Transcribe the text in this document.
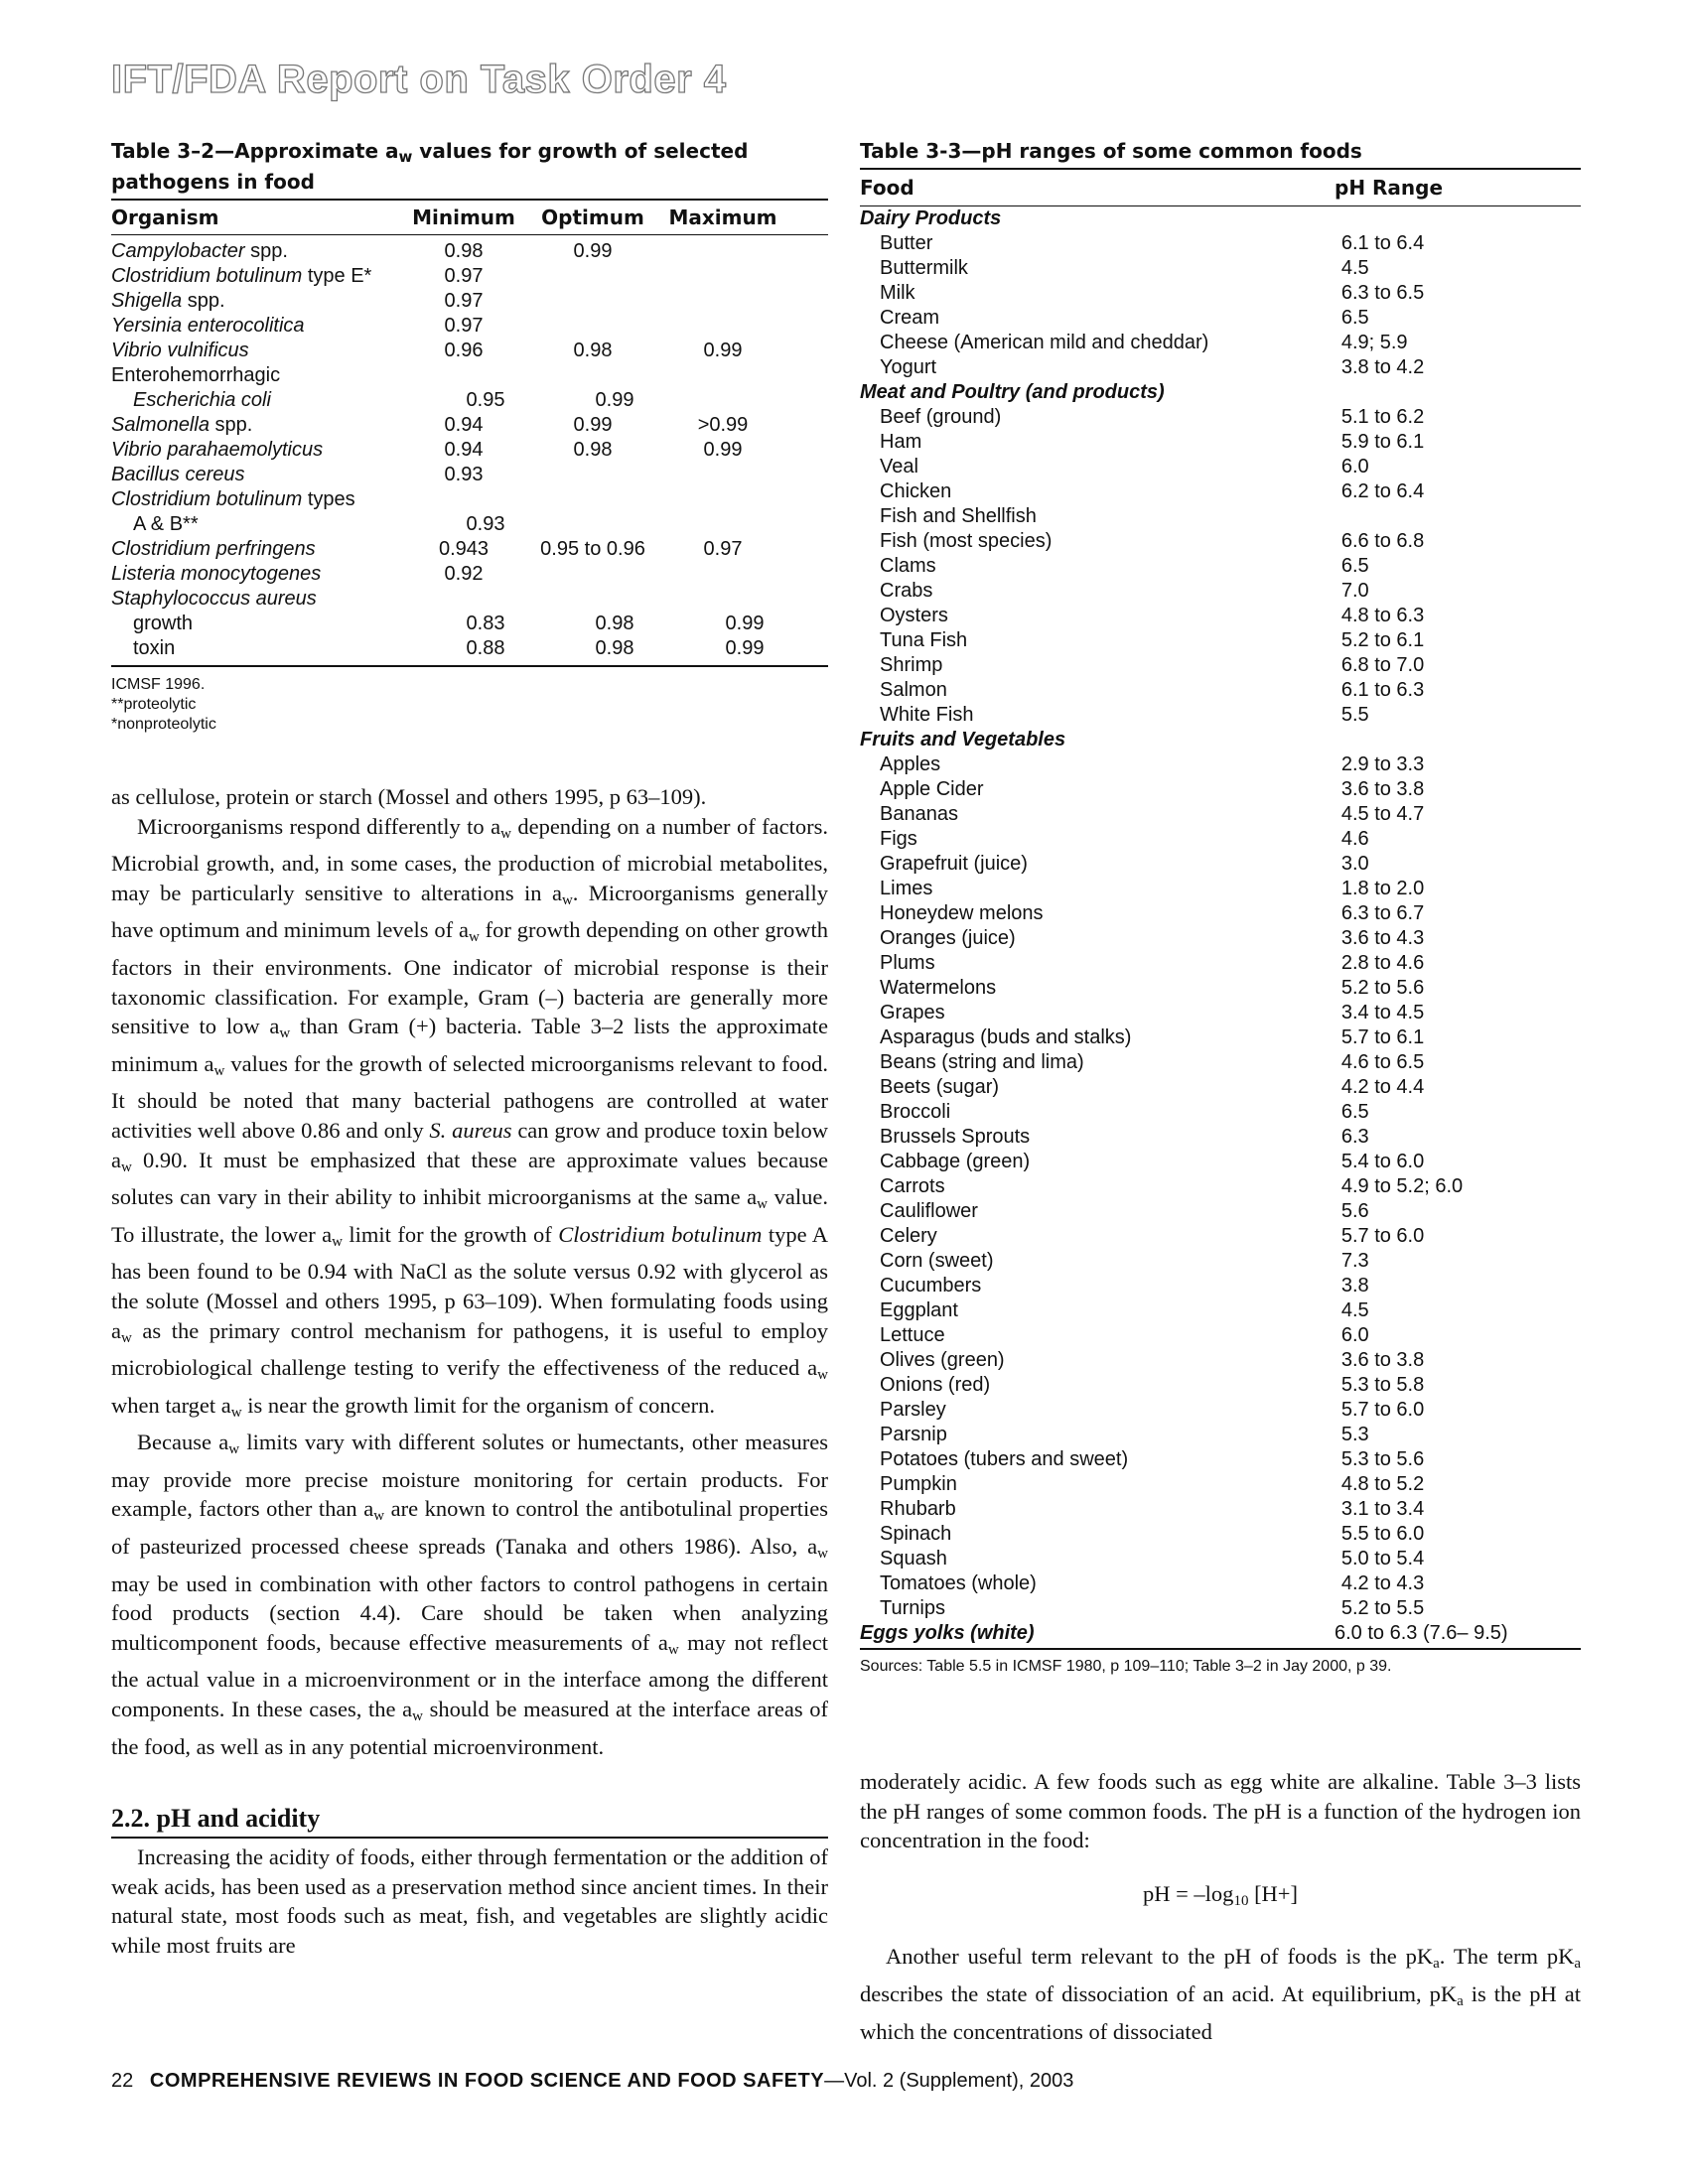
IFT/FDA Report on Task Order 4
Table 3–2—Approximate $a_w$ values for growth of selected pathogens in food
Organism	Minimum	Optimum	Maximum
Campylobacter spp.	0.98	0.99
Clostridium botulinum type E*	0.97
Shigella spp.	0.97
Yersinia enterocolitica	0.97
Vibrio vulnificus	0.96	0.98	0.99
Enterohemorrhagic
Escherichia coli	0.95	0.99
Salmonella spp.	0.94	0.99	>0.99
Vibrio parahaemolyticus	0.94	0.98	0.99
Bacillus cereus	0.93
Clostridium botulinum types
A & B**	0.93
Clostridium perfringens	0.943	0.95 to 0.96	0.97
Listeria monocytogenes	0.92
Staphylococcus aureus
growth	0.83	0.98	0.99
toxin	0.88	0.98	0.99
ICMSF 1996.
**proteolytic
*nonproteolytic

as cellulose, protein or starch (Mossel and others 1995, p 63–109).

Microorganisms respond differently to $a_w$ depending on a number of factors. Microbial growth, and, in some cases, the production of microbial metabolites, may be particularly sensitive to alterations in $a_w$. Microorganisms generally have optimum and minimum levels of $a_w$ for growth depending on other growth factors in their environments. One indicator of microbial response is their taxonomic classification. For example, Gram (–) bacteria are generally more sensitive to low $a_w$ than Gram (+) bacteria. Table 3–2 lists the approximate minimum $a_w$ values for the growth of selected microorganisms relevant to food. It should be noted that many bacterial pathogens are controlled at water activities well above 0.86 and only S. aureus can grow and produce toxin below $a_w$ 0.90. It must be emphasized that these are approximate values because solutes can vary in their ability to inhibit microorganisms at the same $a_w$ value. To illustrate, the lower $a_w$ limit for the growth of Clostridium botulinum type A has been found to be 0.94 with NaCl as the solute versus 0.92 with glycerol as the solute (Mossel and others 1995, p 63–109). When formulating foods using $a_w$ as the primary control mechanism for pathogens, it is useful to employ microbiological challenge testing to verify the effectiveness of the reduced $a_w$ when target $a_w$ is near the growth limit for the organism of concern.

Because $a_w$ limits vary with different solutes or humectants, other measures may provide more precise moisture monitoring for certain products. For example, factors other than $a_w$ are known to control the antibotulinal properties of pasteurized processed cheese spreads (Tanaka and others 1986). Also, $a_w$ may be used in combination with other factors to control pathogens in certain food products (section 4.4). Care should be taken when analyzing multicomponent foods, because effective measurements of $a_w$ may not reflect the actual value in a microenvironment or in the interface among the different components. In these cases, the $a_w$ should be measured at the interface areas of the food, as well as in any potential microenvironment.

2.2. pH and acidity

Increasing the acidity of foods, either through fermentation or the addition of weak acids, has been used as a preservation method since ancient times. In their natural state, most foods such as meat, fish, and vegetables are slightly acidic while most fruits are

Table 3-3—pH ranges of some common foods
Food	pH Range
Dairy Products
Butter	6.1 to 6.4
Buttermilk	4.5
Milk	6.3 to 6.5
Cream	6.5
Cheese (American mild and cheddar)	4.9; 5.9
Yogurt	3.8 to 4.2
Meat and Poultry (and products)
Beef (ground)	5.1 to 6.2
Ham	5.9 to 6.1
Veal	6.0
Chicken	6.2 to 6.4
Fish and Shellfish
Fish (most species)	6.6 to 6.8
Clams	6.5
Crabs	7.0
Oysters	4.8 to 6.3
Tuna Fish	5.2 to 6.1
Shrimp	6.8 to 7.0
Salmon	6.1 to 6.3
White Fish	5.5
Fruits and Vegetables
Apples	2.9 to 3.3
Apple Cider	3.6 to 3.8
Bananas	4.5 to 4.7
Figs	4.6
Grapefruit (juice)	3.0
Limes	1.8 to 2.0
Honeydew melons	6.3 to 6.7
Oranges (juice)	3.6 to 4.3
Plums	2.8 to 4.6
Watermelons	5.2 to 5.6
Grapes	3.4 to 4.5
Asparagus (buds and stalks)	5.7 to 6.1
Beans (string and lima)	4.6 to 6.5
Beets (sugar)	4.2 to 4.4
Broccoli	6.5
Brussels Sprouts	6.3
Cabbage (green)	5.4 to 6.0
Carrots	4.9 to 5.2; 6.0
Cauliflower	5.6
Celery	5.7 to 6.0
Corn (sweet)	7.3
Cucumbers	3.8
Eggplant	4.5
Lettuce	6.0
Olives (green)	3.6 to 3.8
Onions (red)	5.3 to 5.8
Parsley	5.7 to 6.0
Parsnip	5.3
Potatoes (tubers and sweet)	5.3 to 5.6
Pumpkin	4.8 to 5.2
Rhubarb	3.1 to 3.4
Spinach	5.5 to 6.0
Squash	5.0 to 5.4
Tomatoes (whole)	4.2 to 4.3
Turnips	5.2 to 5.5
Eggs yolks (white)	6.0 to 6.3 (7.6– 9.5)
Sources: Table 5.5 in ICMSF 1980, p 109–110; Table 3–2 in Jay 2000, p 39.

moderately acidic. A few foods such as egg white are alkaline. Table 3–3 lists the pH ranges of some common foods. The pH is a function of the hydrogen ion concentration in the food:

pH = $-\log_{10}$ [H+]

Another useful term relevant to the pH of foods is the $pK_a$. The term $pK_a$ describes the state of dissociation of an acid. At equilibrium, $pK_a$ is the pH at which the concentrations of dissociated

22 COMPREHENSIVE REVIEWS IN FOOD SCIENCE AND FOOD SAFETY—Vol. 2 (Supplement), 2003
